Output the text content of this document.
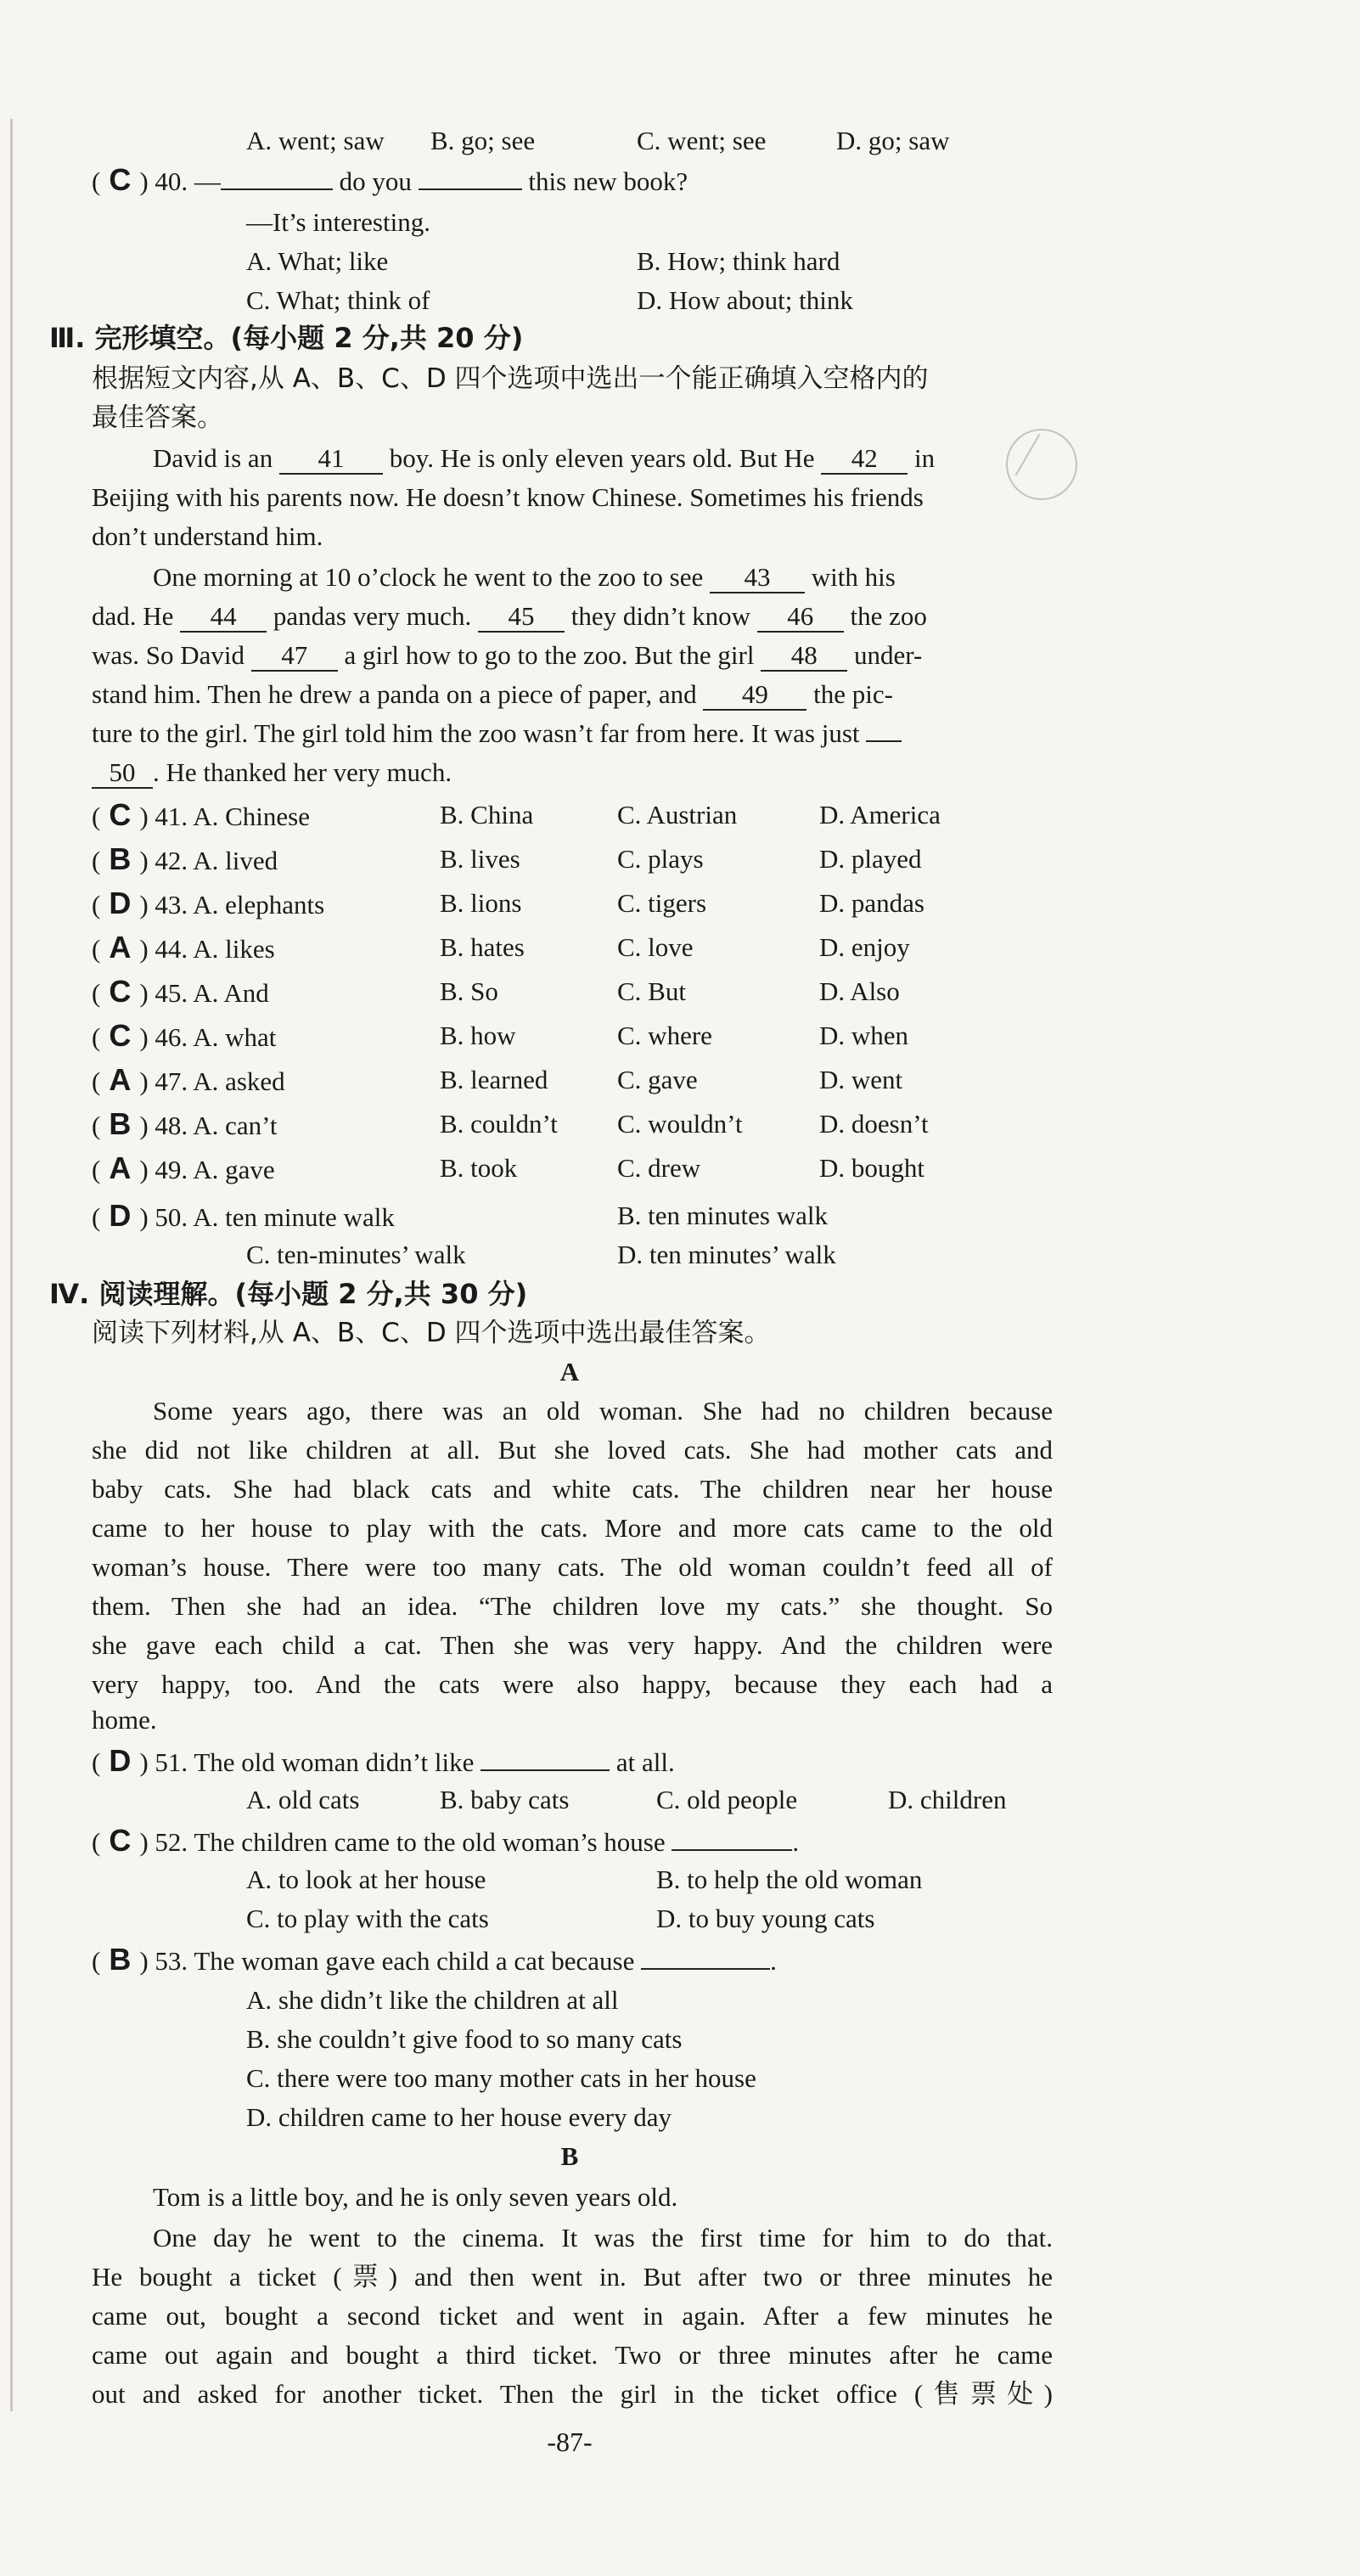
A. went; saw B. go; see	C. went; see	D. go; saw
( C ) 40. —	do you	this new book?
—It’s interesting.
A. What; like	B. How; think hard
C. What; think of	D. How about; think
Ⅲ. 完形填空。(每小题 2 分,共 20 分)
根据短文内容,从 A、B、C、D 四个选项中选出一个能正确填入空格内的
最佳答案。
David is an 41 boy. He is only eleven years old. But He 42 in
Beijing with his parents now. He doesn’t know Chinese. Sometimes his friends
don’t understand him.
One morning at 10 o’clock he went to the zoo to see 43 with his
dad. He 44 pandas very much. 45 they didn’t know 46 the zoo
was. So David 47 a girl how to go to the zoo. But the girl 48 under-
stand him. Then he drew a panda on a piece of paper, and 49 the pic-
ture to the girl. The girl told him the zoo wasn’t far from here. It was just
50 . He thanked her very much.
( C ) 41. A. Chinese	B. China	C. Austrian	D. America
( B ) 42. A. lived	B. lives	C. plays	D. played
( D ) 43. A. elephants	B. lions	C. tigers	D. pandas
( A ) 44. A. likes	B. hates	C. love	D. enjoy
( C ) 45. A. And	B. So	C. But	D. Also
( C ) 46. A. what	B. how	C. where	D. when
( A ) 47. A. asked	B. learned	C. gave	D. went
( B ) 48. A. can’t	B. couldn’t C. wouldn’t	D. doesn’t
( A ) 49. A. gave	B. took	C. drew	D. bought
( D ) 50. A. ten minute walk	B. ten minutes walk
C. ten-minutes’ walk	D. ten minutes’ walk
Ⅳ. 阅读理解。(每小题 2 分,共 30 分)
阅读下列材料,从 A、B、C、D 四个选项中选出最佳答案。
A
Some years ago, there was an old woman. She had no children because
she did not like children at all. But she loved cats. She had mother cats and
baby cats. She had black cats and white cats. The children near her house
came to her house to play with the cats. More and more cats came to the old
woman’s house. There were too many cats. The old woman couldn’t feed all of
them. Then she had an idea. “The children love my cats.” she thought. So
she gave each child a cat. Then she was very happy. And the children were
very happy, too. And the cats were also happy, because they each had a
home.
( D ) 51. The old woman didn’t like	at all.
A. old cats	B. baby cats	C. old people	D. children
( C ) 52. The children came to the old woman’s house	.
A. to look at her house	B. to help the old woman
C. to play with the cats	D. to buy young cats
( B ) 53. The woman gave each child a cat because	.
A. she didn’t like the children at all
B. she couldn’t give food to so many cats
C. there were too many mother cats in her house
D. children came to her house every day
B
Tom is a little boy, and he is only seven years old.
One day he went to the cinema. It was the first time for him to do that.
He bought a ticket (票) and then went in. But after two or three minutes he
came out, bought a second ticket and went in again. After a few minutes he
came out again and bought a third ticket. Two or three minutes after he came
out and asked for another ticket. Then the girl in the ticket office (售票处)
-87-
